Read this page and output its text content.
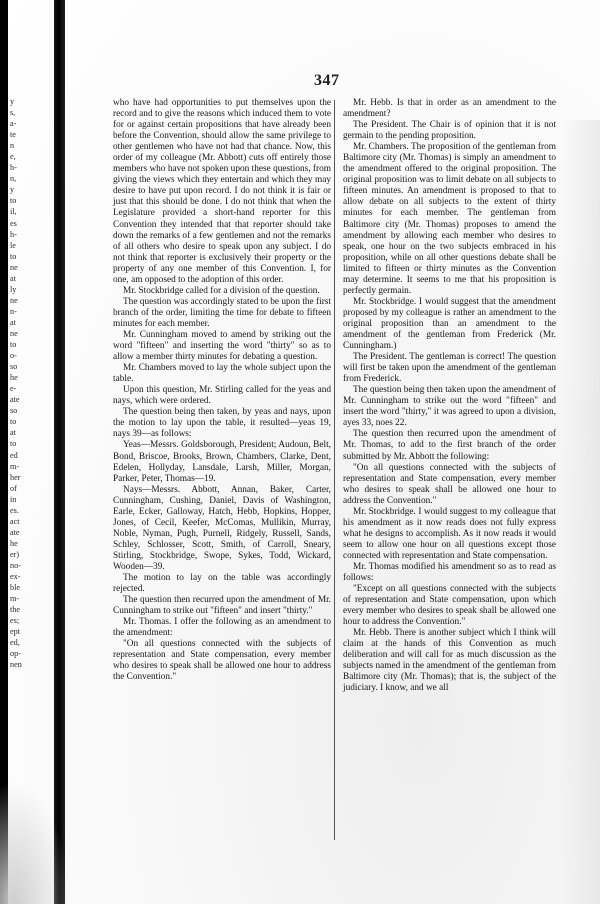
y
s,
a-
te
n
e,
h-
n,
y
to
il,
es
h-
le
to
ne
at
ly
ne
n-
at
ne
to
o-
so
he
e-
ate
so
to
at
to
ed
m-
her
of
in
es.
act
ate
he
er)
no-
ex-
ble
m-
the
es;
ept
ed,
op-
nen
347

who have had opportunities to put themselves upon the record and to give the reasons which induced them to vote for or against certain propositions that have already been before the Convention, should allow the same privilege to other gentlemen who have not had that chance. Now, this order of my colleague (Mr. Abbott) cuts off entirely those members who have not spoken upon these questions, from giving the views which they entertain and which they may desire to have put upon record. I do not think it is fair or just that this should be done. I do not think that when the Legislature provided a short-hand reporter for this Convention they intended that that reporter should take down the remarks of a few gentlemen and not the remarks of all others who desire to speak upon any subject. I do not think that reporter is exclusively their property or the property of any one member of this Convention. I, for one, am opposed to the adoption of this order.

Mr. Stockbridge called for a division of the question.

The question was accordingly stated to be upon the first branch of the order, limiting the time for debate to fifteen minutes for each member.

Mr. Cunningham moved to amend by striking out the word "fifteen" and inserting the word "thirty" so as to allow a member thirty minutes for debating a question.

Mr. Chambers moved to lay the whole subject upon the table.

Upon this question, Mr. Stirling called for the yeas and nays, which were ordered.

The question being then taken, by yeas and nays, upon the motion to lay upon the table, it resulted—yeas 19, nays 39—as follows:

Yeas—Messrs. Goldsborough, President; Audoun, Belt, Bond, Briscoe, Brooks, Brown, Chambers, Clarke, Dent, Edelen, Hollyday, Lansdale, Larsh, Miller, Morgan, Parker, Peter, Thomas—19.

Nays—Messrs. Abbott, Annan, Baker, Carter, Cunningham, Cushing, Daniel, Davis of Washington, Earle, Ecker, Galloway, Hatch, Hebb, Hopkins, Hopper, Jones, of Cecil, Keefer, McComas, Mullikin, Murray, Noble, Nyman, Pugh, Purnell, Ridgely, Russell, Sands, Schley, Schlosser, Scott, Smith, of Carroll, Sneary, Stirling, Stockbridge, Swope, Sykes, Todd, Wickard, Wooden—39.

The motion to lay on the table was accordingly rejected.

The question then recurred upon the amendment of Mr. Cunningham to strike out "fifteen" and insert "thirty."

Mr. Thomas. I offer the following as an amendment to the amendment:

"On all questions connected with the subjects of representation and State compensation, every member who desires to speak shall be allowed one hour to address the Convention."

Mr. Hebb. Is that in order as an amendment to the amendment?

The President. The Chair is of opinion that it is not germain to the pending proposition.

Mr. Chambers. The proposition of the gentleman from Baltimore city (Mr. Thomas) is simply an amendment to the amendment offered to the original proposition. The original proposition was to limit debate on all subjects to fifteen minutes. An amendment is proposed to that to allow debate on all subjects to the extent of thirty minutes for each member. The gentleman from Baltimore city (Mr. Thomas) proposes to amend the amendment by allowing each member who desires to speak, one hour on the two subjects embraced in his proposition, while on all other questions debate shall be limited to fifteen or thirty minutes as the Convention may determine. It seems to me that his proposition is perfectly germain.

Mr. Stockbridge. I would suggest that the amendment proposed by my colleague is rather an amendment to the original proposition than an amendment to the amendment of the gentleman from Frederick (Mr. Cunningham.)

The President. The gentleman is correct! The question will first be taken upon the amendment of the gentleman from Frederick.

The question being then taken upon the amendment of Mr. Cunningham to strike out the word "fifteen" and insert the word "thirty," it was agreed to upon a division, ayes 33, noes 22.

The question then recurred upon the amendment of Mr. Thomas, to add to the first branch of the order submitted by Mr. Abbott the following:

"On all questions connected with the subjects of representation and State compensation, every member who desires to speak shall be allowed one hour to address the Convention."

Mr. Stockbridge. I would suggest to my colleague that his amendment as it now reads does not fully express what he designs to accomplish. As it now reads it would seem to allow one hour on all questions except those connected with representation and State compensation.

Mr. Thomas modified his amendment so as to read as follows:

"Except on all questions connected with the subjects of representation and State compensation, upon which every member who desires to speak shall be allowed one hour to address the Convention."

Mr. Hebb. There is another subject which I think will claim at the hands of this Convention as much deliberation and will call for as much discussion as the subjects named in the amendment of the gentleman from Baltimore city (Mr. Thomas); that is, the subject of the judiciary. I know, and we all
